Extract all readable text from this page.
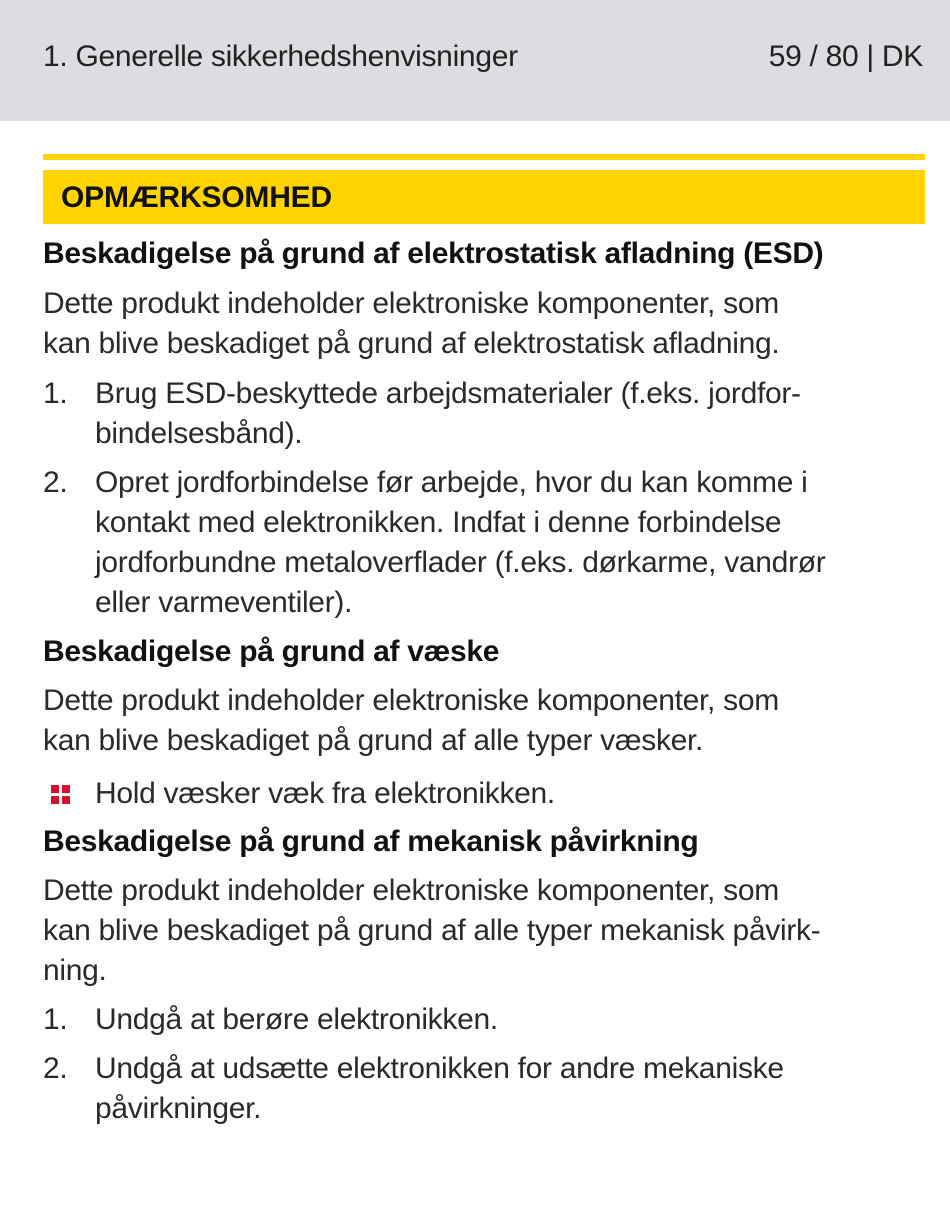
1. Generelle sikkerhedshenvisninger	59 / 80 | DK
OPMÆRKSOMHED
Beskadigelse på grund af elektrostatisk afladning (ESD)
Dette produkt indeholder elektroniske komponenter, som
kan blive beskadiget på grund af elektrostatisk afladning.
1. Brug ESD-beskyttede arbejdsmaterialer (f.eks. jordfor-
bindelsesbånd).
2. Opret jordforbindelse før arbejde, hvor du kan komme i
kontakt med elektronikken. Indfat i denne forbindelse
jordforbundne metaloverflader (f.eks. dørkarme, vandrør
eller varmeventiler).
Beskadigelse på grund af væske
Dette produkt indeholder elektroniske komponenter, som
kan blive beskadiget på grund af alle typer væsker.
Hold væsker væk fra elektronikken.
Beskadigelse på grund af mekanisk påvirkning
Dette produkt indeholder elektroniske komponenter, som
kan blive beskadiget på grund af alle typer mekanisk påvirk-
ning.
1. Undgå at berøre elektronikken.
2. Undgå at udsætte elektronikken for andre mekaniske
påvirkninger.
